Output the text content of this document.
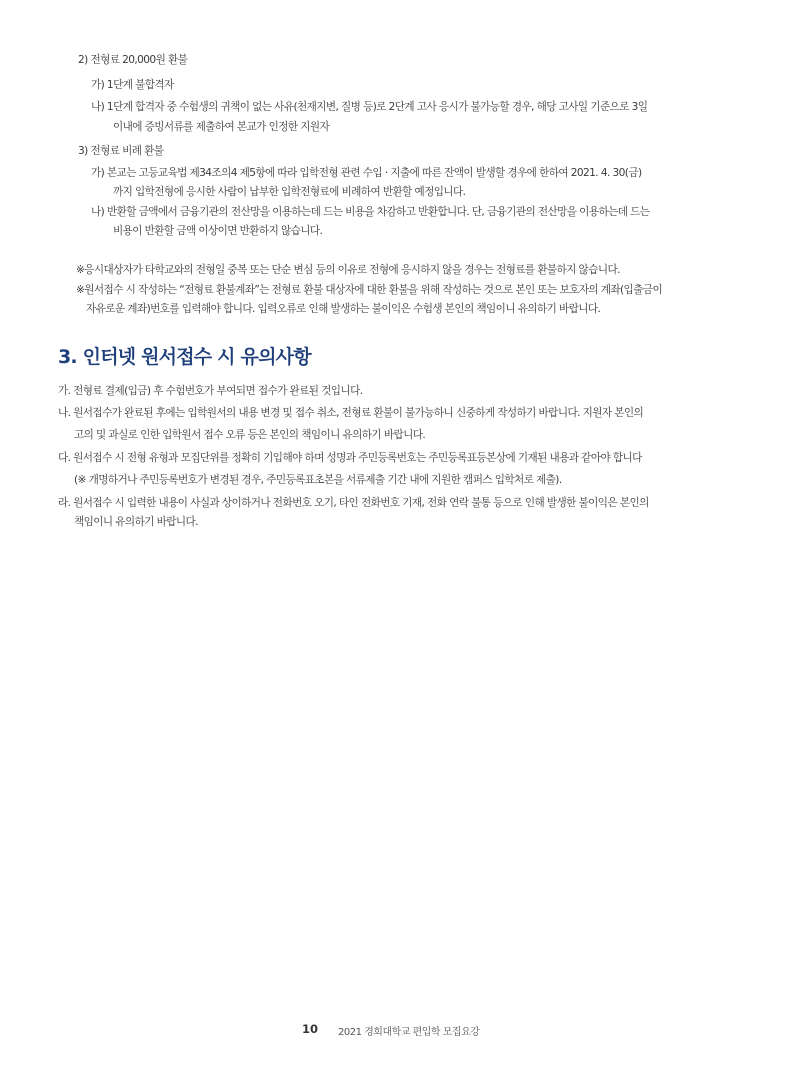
2) 전형료 20,000원 환불
가) 1단계 불합격자
나) 1단계 합격자 중 수험생의 귀책이 없는 사유(천재지변, 질병 등)로 2단계 고사 응시가 불가능할 경우, 해당 고사일 기준으로 3일
이내에 증빙서류를 제출하여 본교가 인정한 지원자
3) 전형료 비례 환불
가) 본교는 고등교육법 제34조의4 제5항에 따라 입학전형 관련 수입 · 지출에 따른 잔액이 발생할 경우에 한하여 2021. 4. 30(금)
까지 입학전형에 응시한 사람이 납부한 입학전형료에 비례하여 반환할 예정입니다.
나) 반환할 금액에서 금융기관의 전산망을 이용하는데 드는 비용을 차감하고 반환합니다. 단, 금융기관의 전산망을 이용하는데 드는
비용이 반환할 금액 이상이면 반환하지 않습니다.
※응시대상자가 타학교와의 전형일 중복 또는 단순 변심 등의 이유로 전형에 응시하지 않을 경우는 전형료를 환불하지 않습니다.
※원서접수 시 작성하는 “전형료 환불계좌”는 전형료 환불 대상자에 대한 환불을 위해 작성하는 것으로 본인 또는 보호자의 계좌(입출금이
자유로운 계좌)번호를 입력해야 합니다. 입력오류로 인해 발생하는 불이익은 수험생 본인의 책임이니 유의하기 바랍니다.
3. 인터넷 원서접수 시 유의사항
가. 전형료 결제(입금) 후 수험번호가 부여되면 접수가 완료된 것입니다.
나. 원서접수가 완료된 후에는 입학원서의 내용 변경 및 접수 취소, 전형료 환불이 불가능하니 신중하게 작성하기 바랍니다. 지원자 본인의
고의 및 과실로 인한 입학원서 접수 오류 등은 본인의 책임이니 유의하기 바랍니다.
다. 원서접수 시 전형 유형과 모집단위를 정확히 기입해야 하며 성명과 주민등록번호는 주민등록표등본상에 기재된 내용과 같아야 합니다
(※ 개명하거나 주민등록번호가 변경된 경우, 주민등록표초본을 서류제출 기간 내에 지원한 캠퍼스 입학처로 제출).
라. 원서접수 시 입력한 내용이 사실과 상이하거나 전화번호 오기, 타인 전화번호 기재, 전화 연락 불통 등으로 인해 발생한 불이익은 본인의
책임이니 유의하기 바랍니다.
10 2021 경희대학교 편입학 모집요강
